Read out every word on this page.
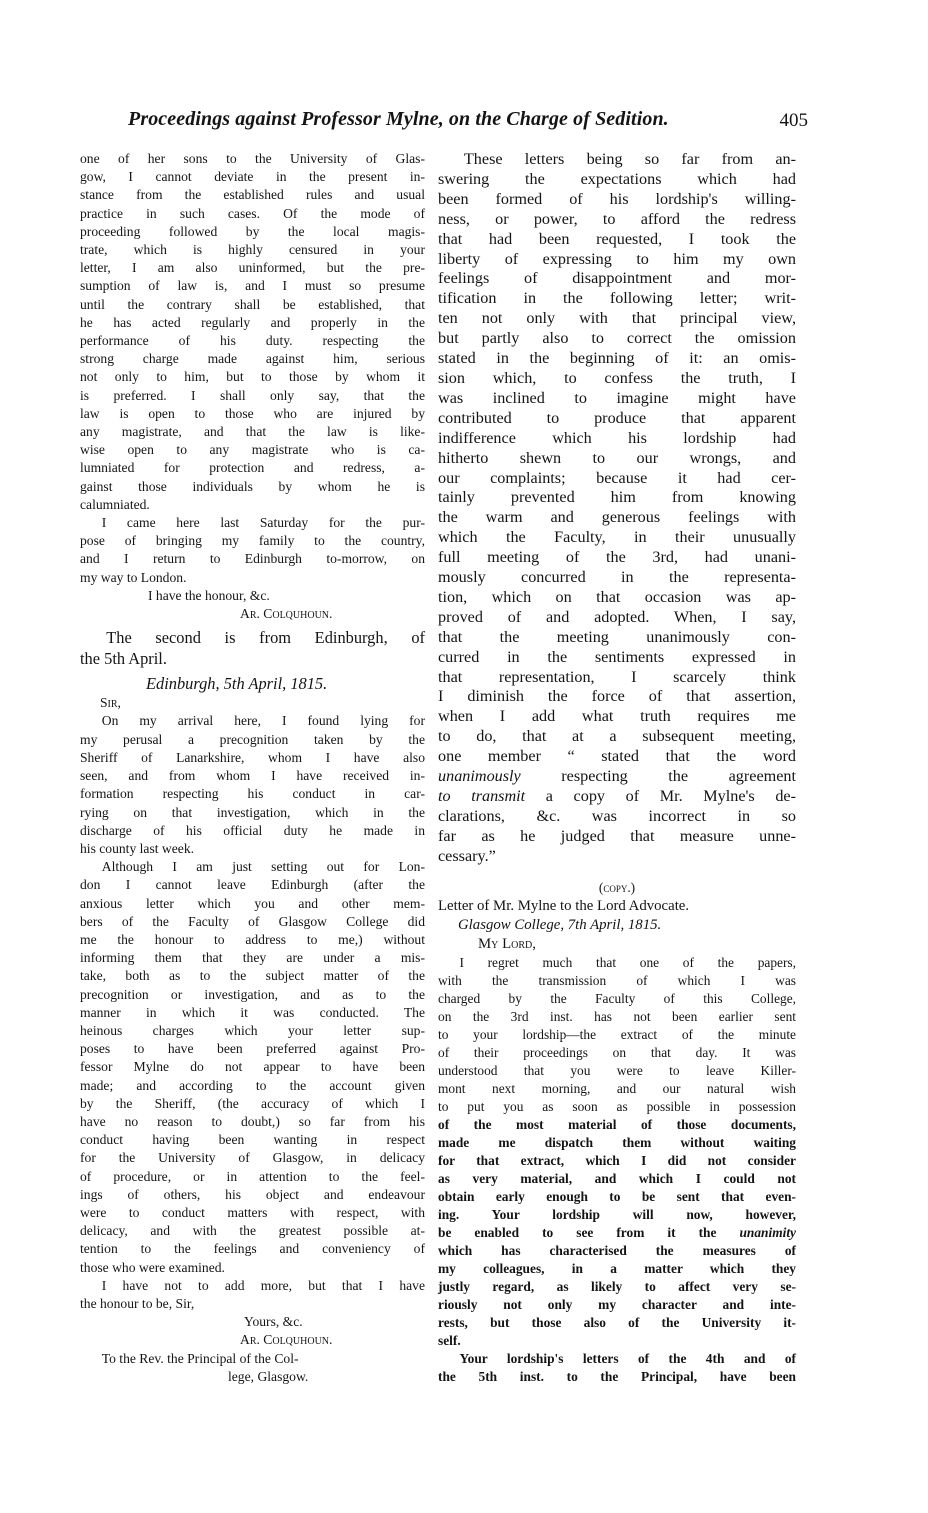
Proceedings against Professor Mylne, on the Charge of Sedition.	405

one of her sons to the University of Glas-

gow, I cannot deviate in the present in-

stance from the established rules and usual

practice in such cases. Of the mode of

proceeding followed by the local magis-

trate, which is highly censured in your

letter, I am also uninformed, but the pre-

sumption of law is, and I must so presume

until the contrary shall be established, that

he has acted regularly and properly in the

performance of his duty. respecting the

strong charge made against him, serious

not only to him, but to those by whom it

is preferred. I shall only say, that the

law is open to those who are injured by

any magistrate, and that the law is like-

wise open to any magistrate who is ca-

lumniated for protection and redress, a-

gainst those individuals by whom he is

calumniated.

I came here last Saturday for the pur-

pose of bringing my family to the country,

and I return to Edinburgh to-morrow, on

my way to London.

I have the honour, &c.

Ar. Colquhoun.

The second is from Edinburgh, of

the 5th April.

Edinburgh, 5th April, 1815.

Sir,

On my arrival here, I found lying for

my perusal a precognition taken by the

Sheriff of Lanarkshire, whom I have also

seen, and from whom I have received in-

formation respecting his conduct in car-

rying on that investigation, which in the

discharge of his official duty he made in

his county last week.

Although I am just setting out for Lon-

don I cannot leave Edinburgh (after the

anxious letter which you and other mem-

bers of the Faculty of Glasgow College did

me the honour to address to me,) without

informing them that they are under a mis-

take, both as to the subject matter of the

precognition or investigation, and as to the

manner in which it was conducted. The

heinous charges which your letter sup-

poses to have been preferred against Pro-

fessor Mylne do not appear to have been

made; and according to the account given

by the Sheriff, (the accuracy of which I

have no reason to doubt,) so far from his

conduct having been wanting in respect

for the University of Glasgow, in delicacy

of procedure, or in attention to the feel-

ings of others, his object and endeavour

were to conduct matters with respect, with

delicacy, and with the greatest possible at-

tention to the feelings and conveniency of

those who were examined.

I have not to add more, but that I have

the honour to be, Sir,

Yours, &c.

Ar. Colquhoun.

To the Rev. the Principal of the Col-

lege, Glasgow.

These letters being so far from an-

swering the expectations which had

been formed of his lordship's willing-

ness, or power, to afford the redress

that had been requested, I took the

liberty of expressing to him my own

feelings of disappointment and mor-

tification in the following letter; writ-

ten not only with that principal view,

but partly also to correct the omission

stated in the beginning of it: an omis-

sion which, to confess the truth, I

was inclined to imagine might have

contributed to produce that apparent

indifference which his lordship had

hitherto shewn to our wrongs, and

our complaints; because it had cer-

tainly prevented him from knowing

the warm and generous feelings with

which the Faculty, in their unusually

full meeting of the 3rd, had unani-

mously concurred in the representa-

tion, which on that occasion was ap-

proved of and adopted. When, I say,

that the meeting unanimously con-

curred in the sentiments expressed in

that representation, I scarcely think

I diminish the force of that assertion,

when I add what truth requires me

to do, that at a subsequent meeting,

one member “ stated that the word

unanimously respecting the agreement

to transmit a copy of Mr. Mylne's de-

clarations, &c. was incorrect in so

far as he judged that measure unne-

cessary.”

(copy.)

Letter of Mr. Mylne to the Lord Advocate.

Glasgow College, 7th April, 1815.

My Lord,

I regret much that one of the papers,

with the transmission of which I was

charged by the Faculty of this College,

on the 3rd inst. has not been earlier sent

to your lordship—the extract of the minute

of their proceedings on that day. It was

understood that you were to leave Killer-

mont next morning, and our natural wish

to put you as soon as possible in possession

of the most material of those documents,

made me dispatch them without waiting

for that extract, which I did not consider

as very material, and which I could not

obtain early enough to be sent that even-

ing. Your lordship will now, however,

be enabled to see from it the unanimity

which has characterised the measures of

my colleagues, in a matter which they

justly regard, as likely to affect very se-

riously not only my character and inte-

rests, but those also of the University it-

self.

Your lordship's letters of the 4th and of

the 5th inst. to the Principal, have been
